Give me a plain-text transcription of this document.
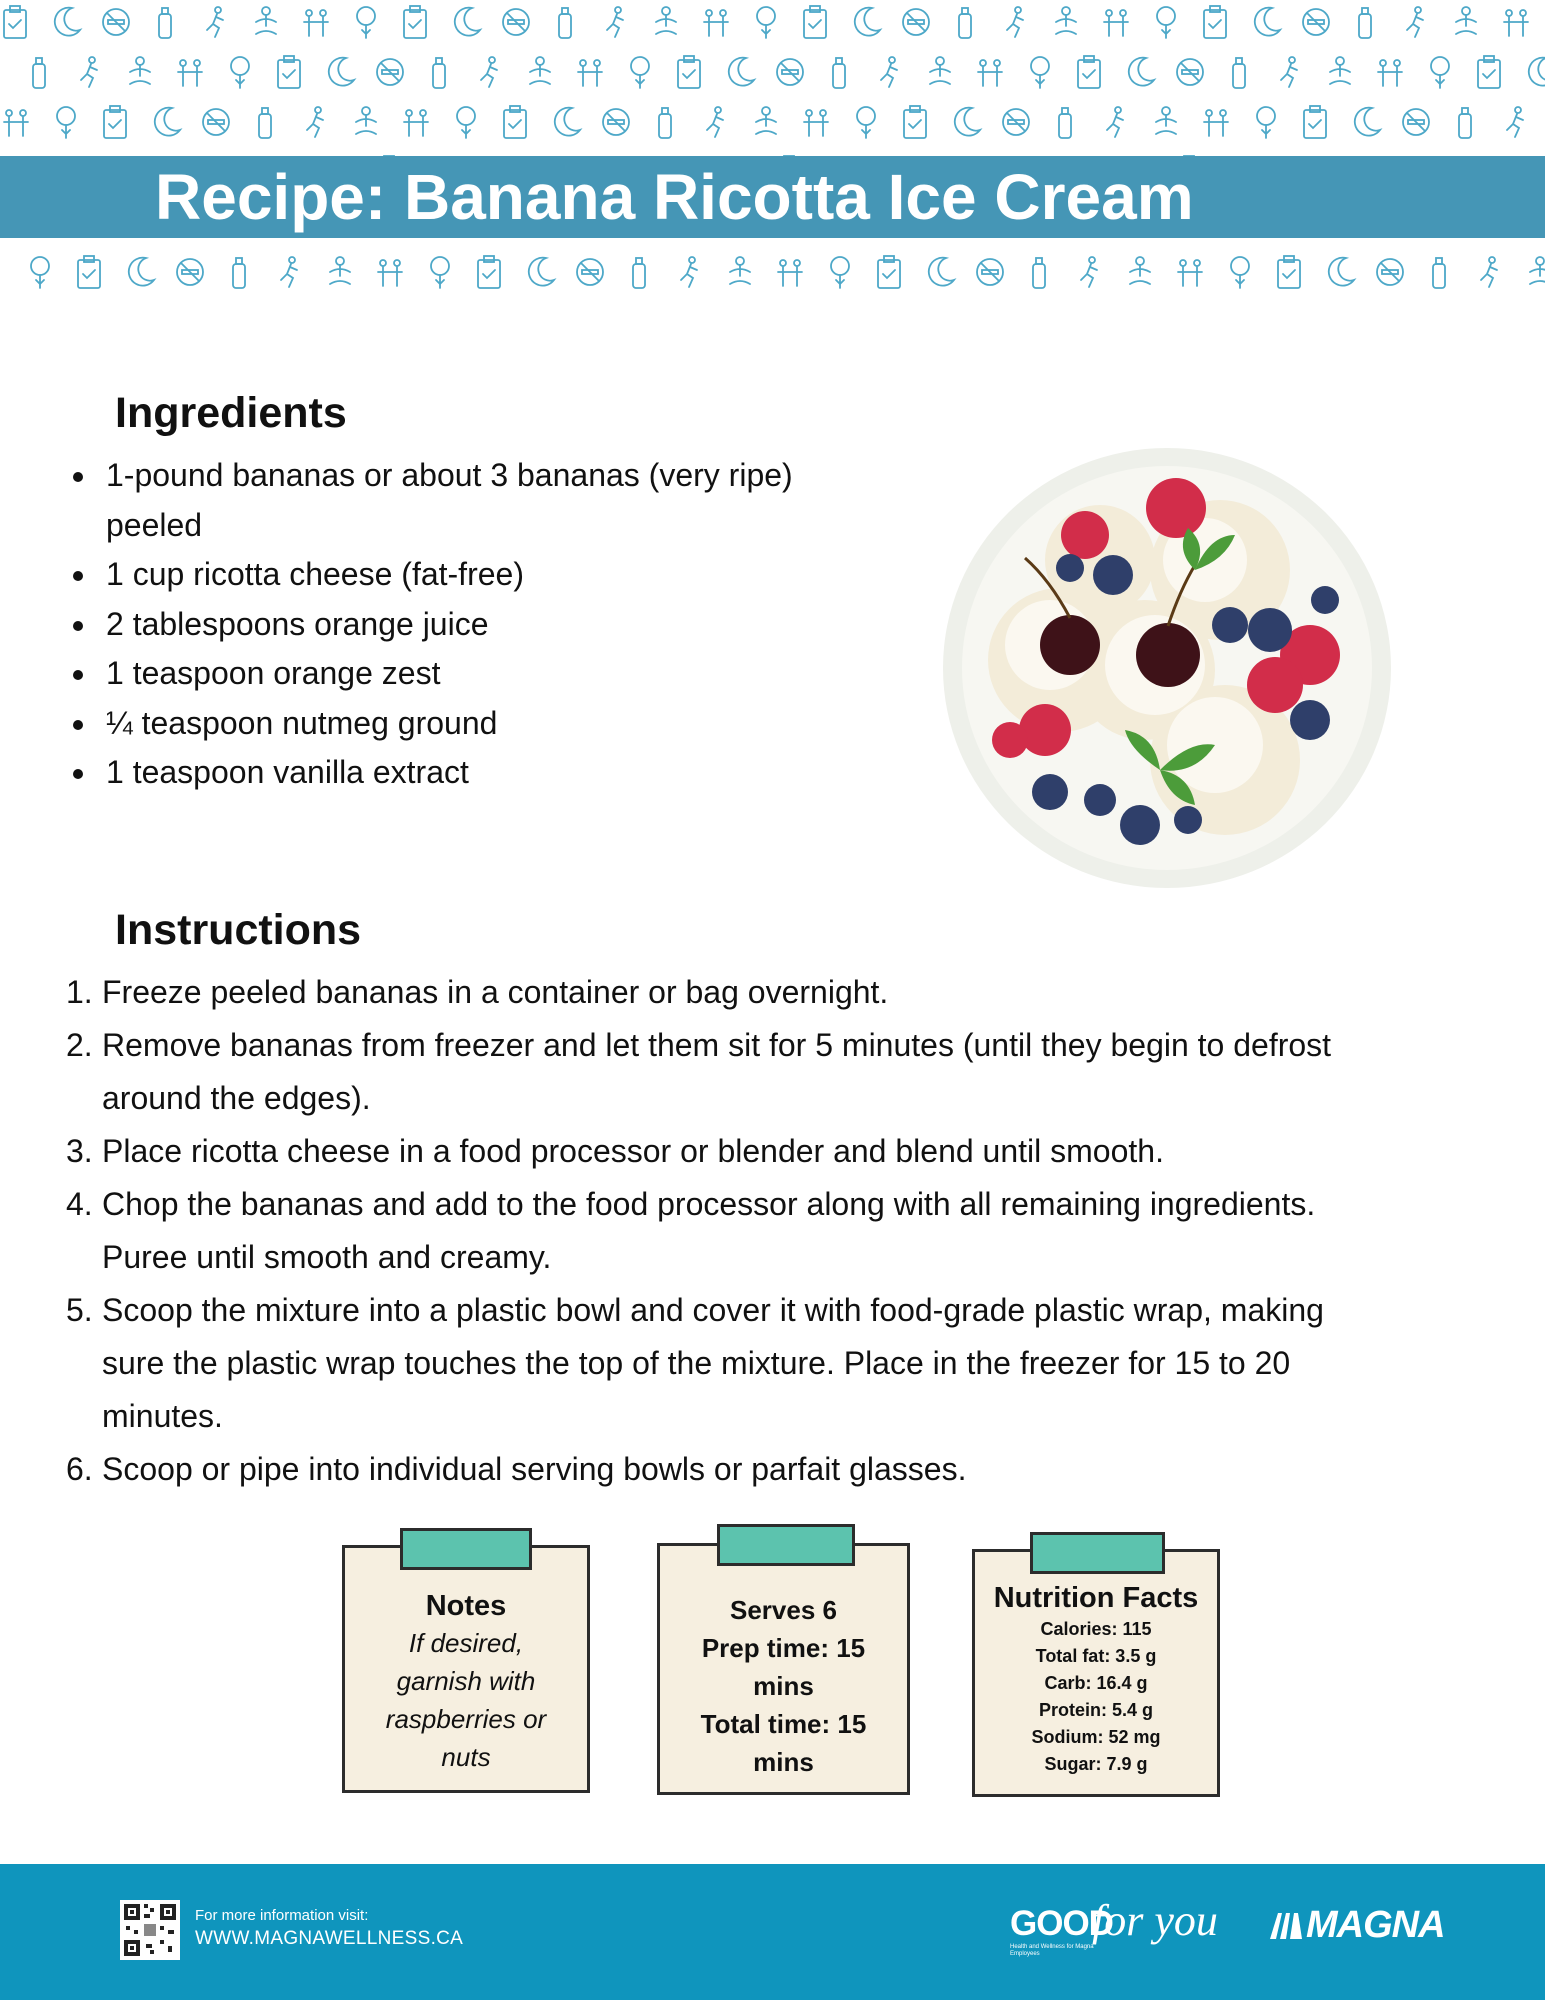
Recipe: Banana Ricotta Ice Cream
Ingredients
1-pound bananas or about 3 bananas (very ripe)
peeled
1 cup ricotta cheese (fat-free)
2 tablespoons orange juice
1 teaspoon orange zest
¼ teaspoon nutmeg ground
1 teaspoon vanilla extract
Instructions
1. Freeze peeled bananas in a container or bag overnight.
2. Remove bananas from freezer and let them sit for 5 minutes (until they begin to defrost
around the edges).
3. Place ricotta cheese in a food processor or blender and blend until smooth.
4. Chop the bananas and add to the food processor along with all remaining ingredients.
Puree until smooth and creamy.
5. Scoop the mixture into a plastic bowl and cover it with food-grade plastic wrap, making
sure the plastic wrap touches the top of the mixture. Place in the freezer for 15 to 20
minutes.
6. Scoop or pipe into individual serving bowls or parfait glasses.
Notes
If desired,
garnish with
raspberries or
nuts
Serves 6
Prep time: 15
mins
Total time: 15
mins
Nutrition Facts
Calories: 115
Total fat: 3.5 g
Carb: 16.4 g
Protein: 5.4 g
Sodium: 52 mg
Sugar: 7.9 g
For more information visit:
WWW.MAGNAWELLNESS.CA	GOOD
for you
Health and Wellness for Magna Employees
MAGNA
